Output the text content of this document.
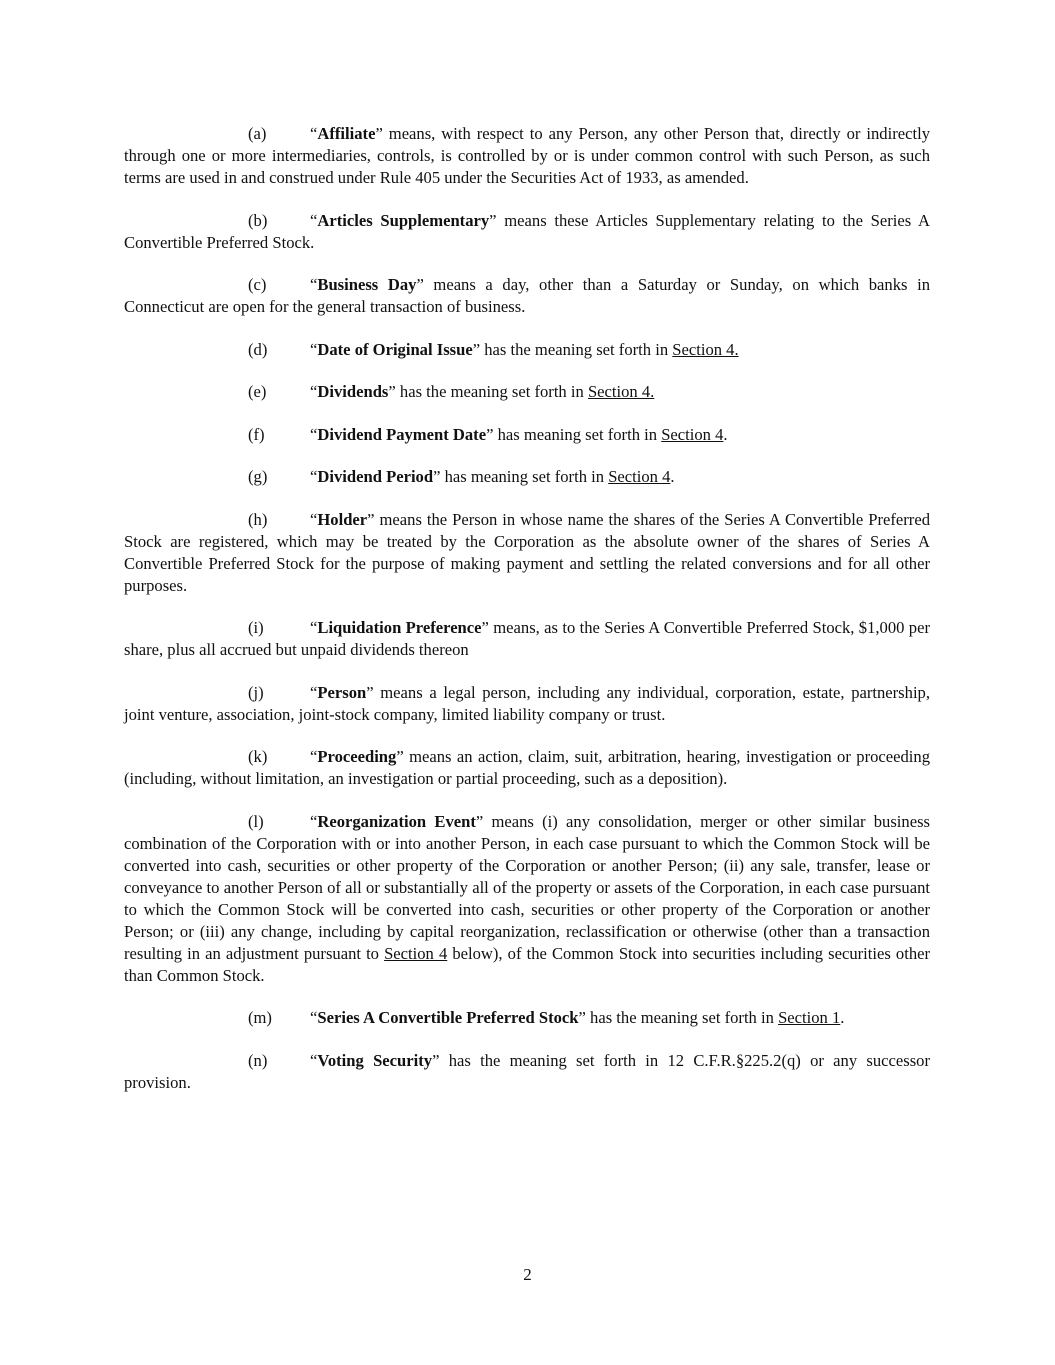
(a)	“Affiliate” means, with respect to any Person, any other Person that, directly or indirectly through one or more intermediaries, controls, is controlled by or is under common control with such Person, as such terms are used in and construed under Rule 405 under the Securities Act of 1933, as amended.

(b)	“Articles Supplementary” means these Articles Supplementary relating to the Series A Convertible Preferred Stock.

(c)	“Business Day” means a day, other than a Saturday or Sunday, on which banks in Connecticut are open for the general transaction of business.

(d)	“Date of Original Issue” has the meaning set forth in Section 4.

(e)	“Dividends” has the meaning set forth in Section 4.

(f)	“Dividend Payment Date” has meaning set forth in Section 4.

(g)	“Dividend Period” has meaning set forth in Section 4.

(h)	“Holder” means the Person in whose name the shares of the Series A Convertible Preferred Stock are registered, which may be treated by the Corporation as the absolute owner of the shares of Series A Convertible Preferred Stock for the purpose of making payment and settling the related conversions and for all other purposes.

(i)	“Liquidation Preference” means, as to the Series A Convertible Preferred Stock, $1,000 per share, plus all accrued but unpaid dividends thereon

(j)	“Person” means a legal person, including any individual, corporation, estate, partnership, joint venture, association, joint-stock company, limited liability company or trust.

(k)	“Proceeding” means an action, claim, suit, arbitration, hearing, investigation or proceeding (including, without limitation, an investigation or partial proceeding, such as a deposition).

(l)	“Reorganization Event” means (i) any consolidation, merger or other similar business combination of the Corporation with or into another Person, in each case pursuant to which the Common Stock will be converted into cash, securities or other property of the Corporation or another Person; (ii) any sale, transfer, lease or conveyance to another Person of all or substantially all of the property or assets of the Corporation, in each case pursuant to which the Common Stock will be converted into cash, securities or other property of the Corporation or another Person; or (iii) any change, including by capital reorganization, reclassification or otherwise (other than a transaction resulting in an adjustment pursuant to Section 4 below), of the Common Stock into securities including securities other than Common Stock.

(m) “Series A Convertible Preferred Stock” has the meaning set forth in Section 1.

(n)	“Voting Security” has the meaning set forth in 12 C.F.R.§225.2(q) or any successor provision.

2
